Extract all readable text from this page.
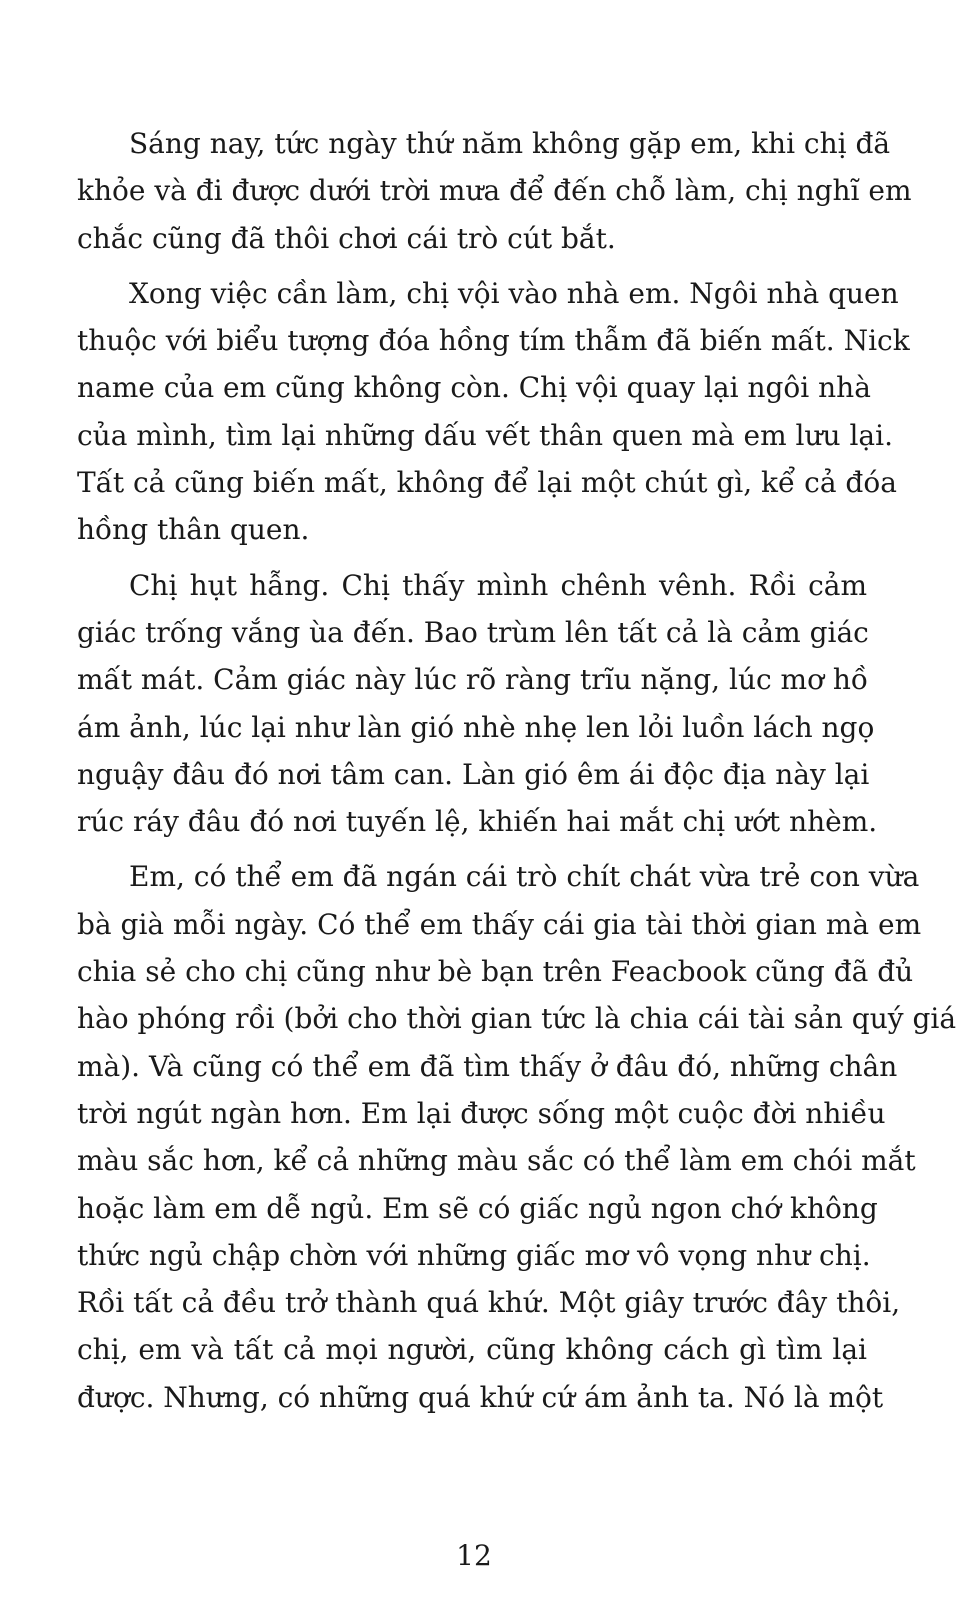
Sáng nay, tức ngày thứ năm không gặp em, khi chị đã
khỏe và đi được dưới trời mưa để đến chỗ làm, chị nghĩ em
chắc cũng đã thôi chơi cái trò cút bắt.
Xong việc cần làm, chị vội vào nhà em. Ngôi nhà quen
thuộc với biểu tượng đóa hồng tím thẫm đã biến mất. Nick
name của em cũng không còn. Chị vội quay lại ngôi nhà
của mình, tìm lại những dấu vết thân quen mà em lưu lại.
Tất cả cũng biến mất, không để lại một chút gì, kể cả đóa
hồng thân quen.
Chị hụt hẫng. Chị thấy mình chênh vênh. Rồi cảm
giác trống vắng ùa đến. Bao trùm lên tất cả là cảm giác
mất mát. Cảm giác này lúc rõ ràng trĩu nặng, lúc mơ hồ
ám ảnh, lúc lại như làn gió nhè nhẹ len lỏi luồn lách ngọ
nguậy đâu đó nơi tâm can. Làn gió êm ái độc địa này lại
rúc ráy đâu đó nơi tuyến lệ, khiến hai mắt chị ướt nhèm.
Em, có thể em đã ngán cái trò chít chát vừa trẻ con vừa
bà già mỗi ngày. Có thể em thấy cái gia tài thời gian mà em
chia sẻ cho chị cũng như bè bạn trên Feacbook cũng đã đủ
hào phóng rồi (bởi cho thời gian tức là chia cái tài sản quý giá
mà). Và cũng có thể em đã tìm thấy ở đâu đó, những chân
trời ngút ngàn hơn. Em lại được sống một cuộc đời nhiều
màu sắc hơn, kể cả những màu sắc có thể làm em chói mắt
hoặc làm em dễ ngủ. Em sẽ có giấc ngủ ngon chớ không
thức ngủ chập chờn với những giấc mơ vô vọng như chị.
Rồi tất cả đều trở thành quá khứ. Một giây trước đây thôi,
chị, em và tất cả mọi người, cũng không cách gì tìm lại
được. Nhưng, có những quá khứ cứ ám ảnh ta. Nó là một
12
